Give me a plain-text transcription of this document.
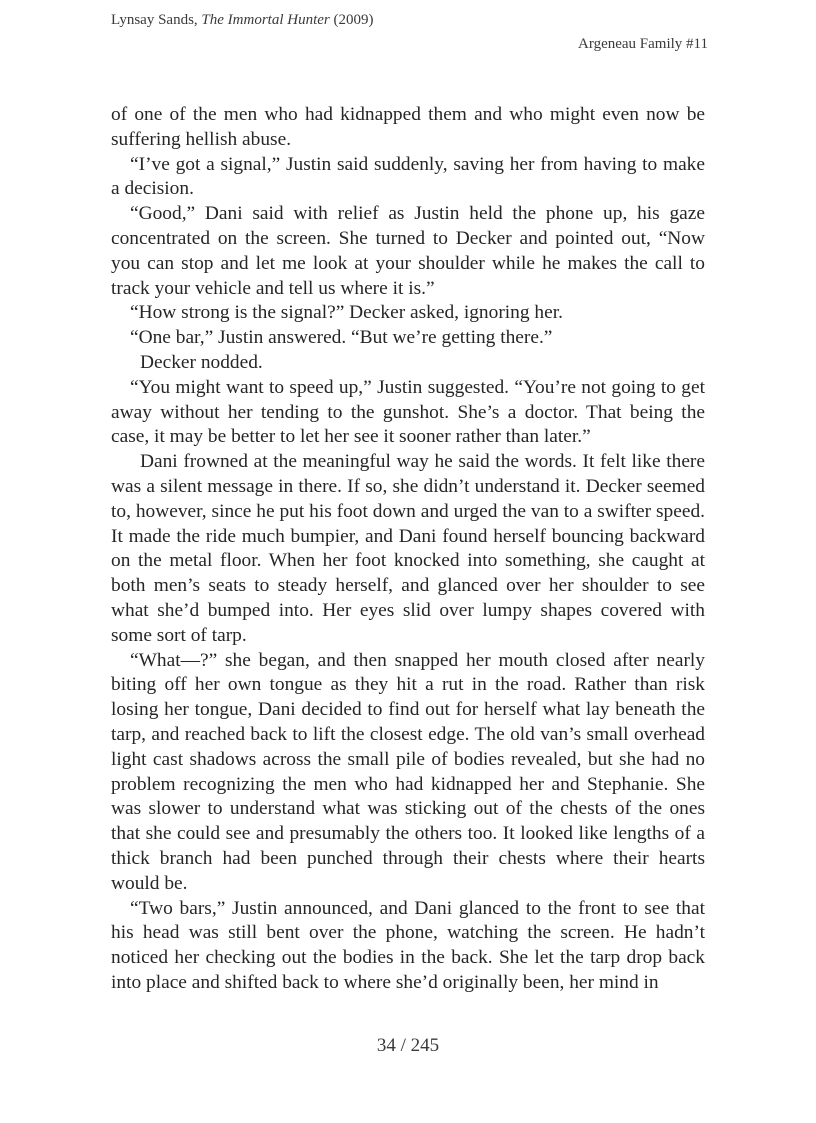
Lynsay Sands, The Immortal Hunter (2009)
Argeneau Family #11

of one of the men who had kidnapped them and who might even now be suffering hellish abuse.

“I’ve got a signal,” Justin said suddenly, saving her from having to make a decision.

“Good,” Dani said with relief as Justin held the phone up, his gaze concentrated on the screen. She turned to Decker and pointed out, “Now you can stop and let me look at your shoulder while he makes the call to track your vehicle and tell us where it is.”

“How strong is the signal?” Decker asked, ignoring her.

“One bar,” Justin answered. “But we’re getting there.”

Decker nodded.

“You might want to speed up,” Justin suggested. “You’re not going to get away without her tending to the gunshot. She’s a doctor. That being the case, it may be better to let her see it sooner rather than later.”

Dani frowned at the meaningful way he said the words. It felt like there was a silent message in there. If so, she didn’t understand it. Decker seemed to, however, since he put his foot down and urged the van to a swifter speed. It made the ride much bumpier, and Dani found herself bouncing backward on the metal floor. When her foot knocked into something, she caught at both men’s seats to steady herself, and glanced over her shoulder to see what she’d bumped into. Her eyes slid over lumpy shapes covered with some sort of tarp.

“What—?” she began, and then snapped her mouth closed after nearly biting off her own tongue as they hit a rut in the road. Rather than risk losing her tongue, Dani decided to find out for herself what lay beneath the tarp, and reached back to lift the closest edge. The old van’s small overhead light cast shadows across the small pile of bodies revealed, but she had no problem recognizing the men who had kidnapped her and Stephanie. She was slower to understand what was sticking out of the chests of the ones that she could see and presumably the others too. It looked like lengths of a thick branch had been punched through their chests where their hearts would be.

“Two bars,” Justin announced, and Dani glanced to the front to see that his head was still bent over the phone, watching the screen. He hadn’t noticed her checking out the bodies in the back. She let the tarp drop back into place and shifted back to where she’d originally been, her mind in

34 / 245
